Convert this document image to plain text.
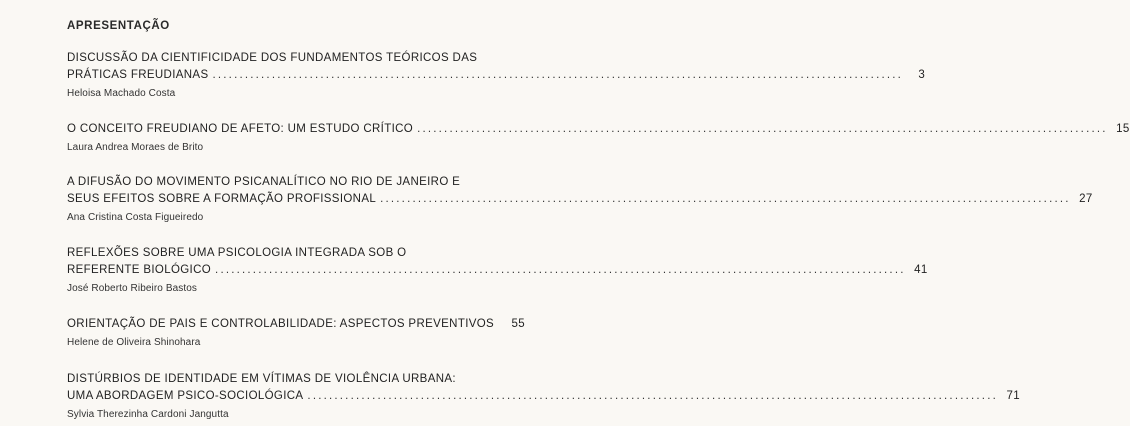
APRESENTAÇÃO
DISCUSSÃO DA CIENTIFICIDADE DOS FUNDAMENTOS TEÓRICOS DAS
PRÁTICAS FREUDIANAS ................................................................................................................................	3
Heloisa Machado Costa
O CONCEITO FREUDIANO DE AFETO: UM ESTUDO CRÍTICO ................................................................................................................................ 15
Laura Andrea Moraes de Brito
A DIFUSÃO DO MOVIMENTO PSICANALÍTICO NO RIO DE JANEIRO E
SEUS EFEITOS SOBRE A FORMAÇÃO PROFISSIONAL ................................................................................................................................ 27
Ana Cristina Costa Figueiredo
REFLEXÕES SOBRE UMA PSICOLOGIA INTEGRADA SOB O
REFERENTE BIOLÓGICO ................................................................................................................................ 41
José Roberto Ribeiro Bastos
ORIENTAÇÃO DE PAIS E CONTROLABILIDADE: ASPECTOS PREVENTIVOS	55
Helene de Oliveira Shinohara
DISTÚRBIOS DE IDENTIDADE EM VÍTIMAS DE VIOLÊNCIA URBANA:
UMA ABORDAGEM PSICO-SOCIOLÓGICA ................................................................................................................................ 71
Sylvia Therezinha Cardoni Jangutta
